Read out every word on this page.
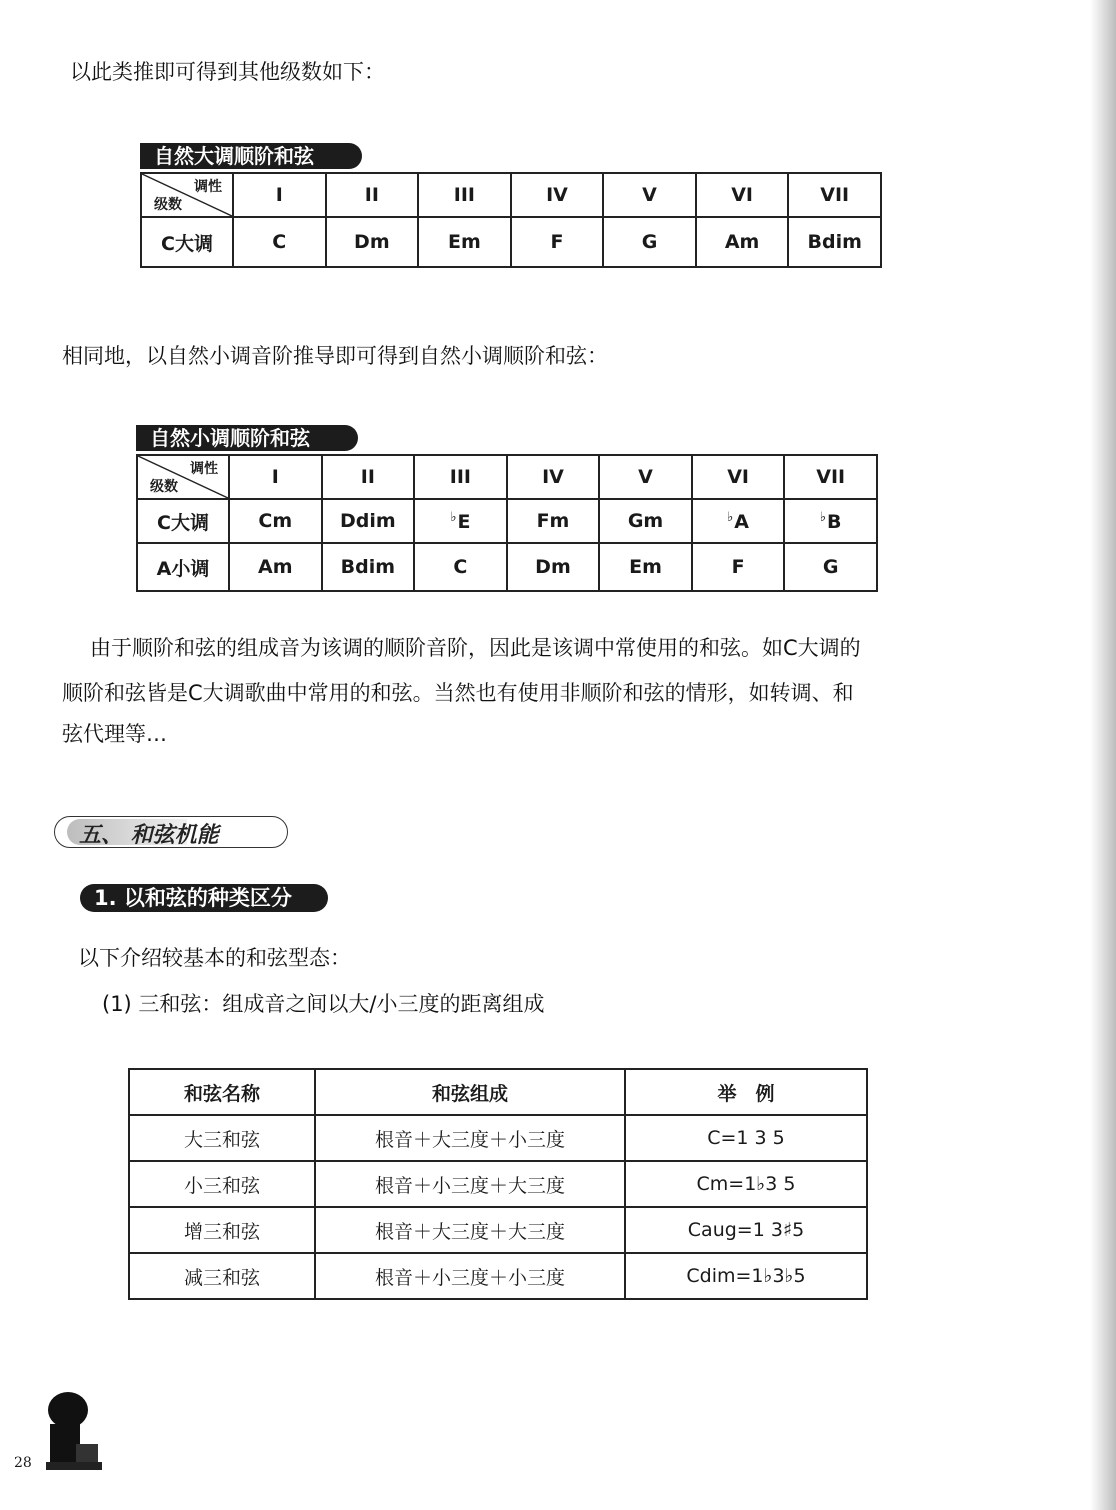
以此类推即可得到其他级数如下：
自然大调顺阶和弦
调性
级数	I	II	III	IV	V	VI	VII
C大调	C	Dm	Em	F	G	Am	Bdim
相同地，以自然小调音阶推导即可得到自然小调顺阶和弦：
自然小调顺阶和弦
调性
级数	I	II	III	IV	V	VI	VII
C大调	Cm	Ddim	♭E	Fm	Gm	♭A	♭B
A小调	Am	Bdim	C	Dm	Em	F	G
由于顺阶和弦的组成音为该调的顺阶音阶，因此是该调中常使用的和弦。如C大调的
顺阶和弦皆是C大调歌曲中常用的和弦。当然也有使用非顺阶和弦的情形，如转调、和
弦代理等…
五、 和弦机能
1. 以和弦的种类区分
以下介绍较基本的和弦型态：
(1) 三和弦：组成音之间以大/小三度的距离组成
和弦名称	和弦组成	举　例
大三和弦	根音＋大三度＋小三度	C=1 3 5
小三和弦	根音＋小三度＋大三度	Cm=1♭3 5
增三和弦	根音＋大三度＋大三度	Caug=1 3♯5
减三和弦	根音＋小三度＋小三度	Cdim=1♭3♭5
28
